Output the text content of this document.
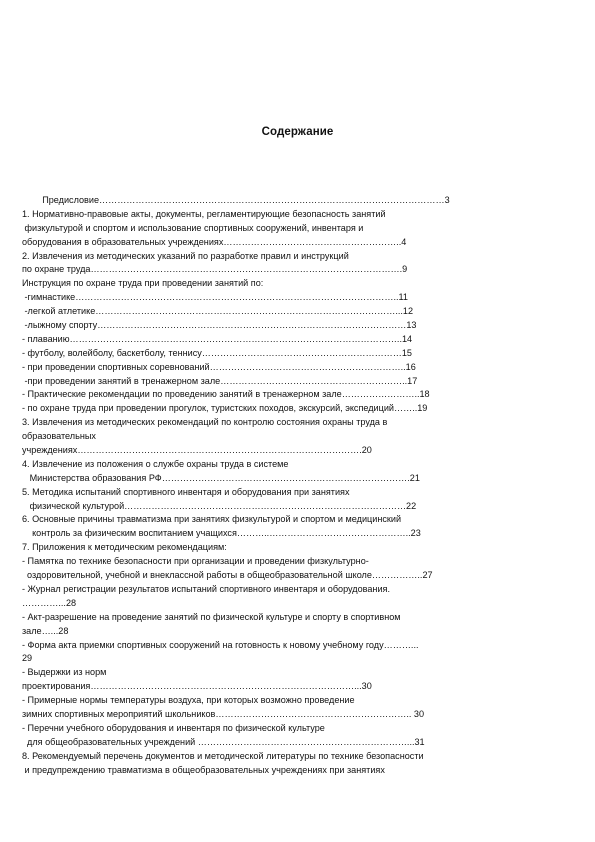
Содержание
Предисловие……………………………………………………………………………………………………3
1. Нормативно-правовые акты, документы, регламентирующие безопасность занятий
физкультурой и спортом и использование спортивных сооружений, инвентаря и
оборудования в образовательных учреждениях…………………………………………………..4
2. Извлечения из методических указаний по разработке правил и инструкций
по охране труда………………………………………………………………………………………….9
Инструкция по охране труда при проведении занятий по:
-гимнастике……………………………………………………………………………………………..11
-легкой атлетике………………………………………………………………………………………...12
-лыжному спорту…………………………………………………………………………………………13
- плаванию………………………………………………………………………………………………..14
- футболу, волейболу, баскетболу, теннису…………………………………………………………15
- при проведении спортивных соревнований………………………………………………………..16
-при проведении занятий в тренажерном зале……………………………………………………..17
- Практические рекомендации по проведению занятий в тренажерном зале……………………..18
- по охране труда при проведении прогулок, туристских походов, экскурсий, экспедиций……..19
3. Извлечения из методических рекомендаций по контролю состояния охраны труда в
образовательных
учреждениях………………………………………………………………………………….20
4. Извлечение из положения о службе охраны труда в системе
Министерства образования РФ……………………………………………………………………….21
5. Методика испытаний спортивного инвентаря и оборудования при занятиях
физической культурой…………………………………………………………………………………22
6. Основные причины травматизма при занятиях физкультурой и спортом и медицинский
контроль за физическим воспитанием учащихся………..………………………………………..23
7. Приложения к методическим рекомендациям:
- Памятка по технике безопасности при организации и проведении физкультурно-
оздоровительной, учебной и внеклассной работы в общеобразовательной школе……………..27
- Журнал регистрации результатов испытаний спортивного инвентаря и оборудования.
…………...28
- Акт-разрешение на проведение занятий по физической культуре и спорту в спортивном
зале…...28
- Форма акта приемки спортивных сооружений на готовность к новому учебному году………...
29
- Выдержки из норм
проектирования……………………………………………………………………………...30
- Примерные нормы температуры воздуха, при которых возможно проведение
зимних спортивных мероприятий школьников……………………………………………………….. 30
- Перечни учебного оборудования и инвентаря по физической культуре
для общеобразовательных учреждений ……………………………………………………………...31
8. Рекомендуемый перечень документов и методической литературы по технике безопасности
и предупреждению травматизма в общеобразовательных учреждениях при занятиях
